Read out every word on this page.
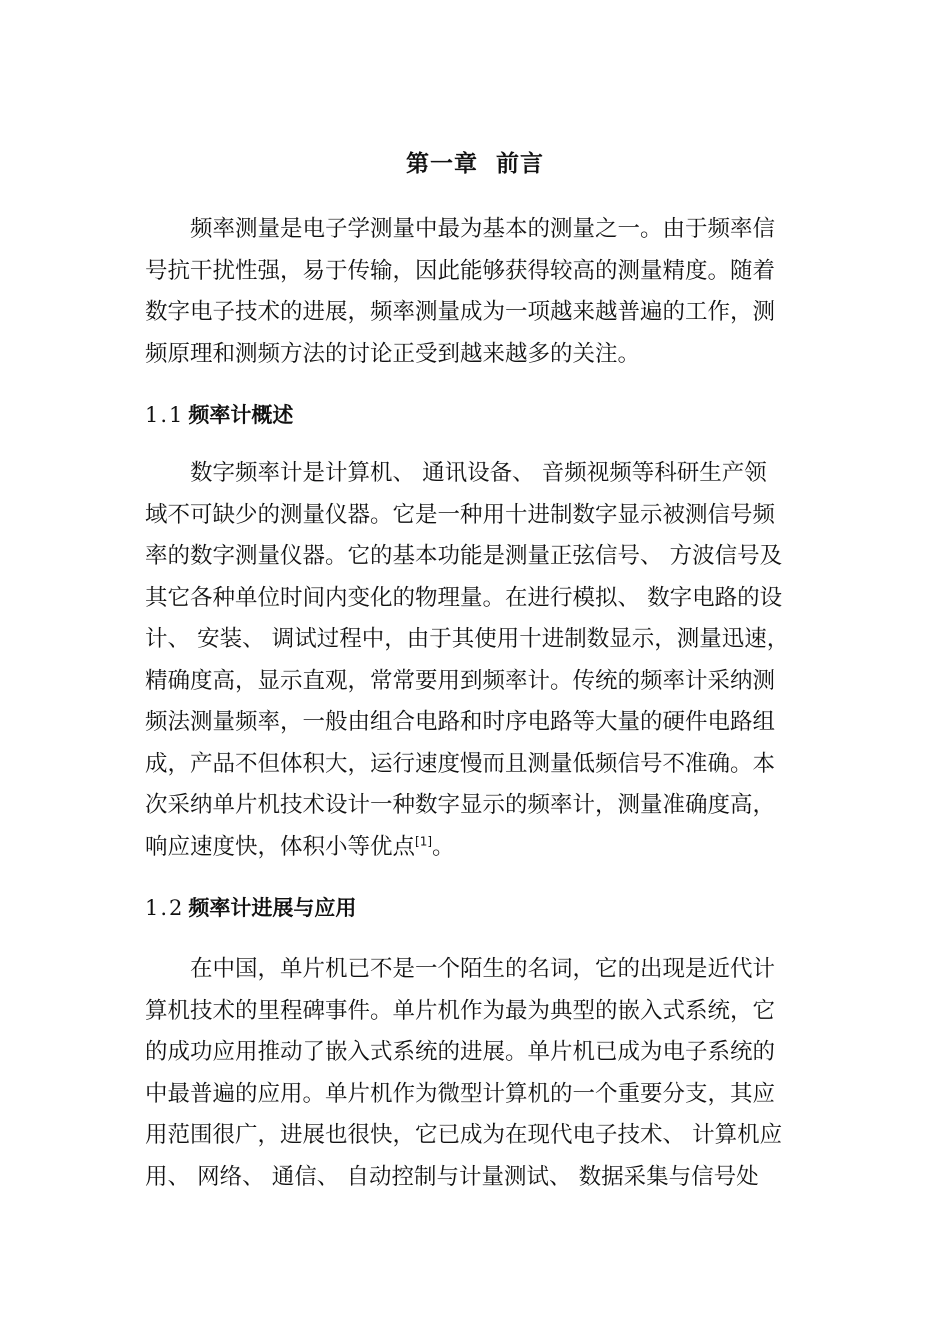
第一章  前言
频率测量是电子学测量中最为基本的测量之一。由于频率信
号抗干扰性强，易于传输，因此能够获得较高的测量精度。随着
数字电子技术的进展，频率测量成为一项越来越普遍的工作，测
频原理和测频方法的讨论正受到越来越多的关注。
1.1 频率计概述
数字频率计是计算机、 通讯设备、 音频视频等科研生产领
域不可缺少的测量仪器。它是一种用十进制数字显示被测信号频
率的数字测量仪器。它的基本功能是测量正弦信号、 方波信号及
其它各种单位时间内变化的物理量。在进行模拟、 数字电路的设
计、 安装、 调试过程中，由于其使用十进制数显示，测量迅速，
精确度高，显示直观，常常要用到频率计。传统的频率计采纳测
频法测量频率，一般由组合电路和时序电路等大量的硬件电路组
成，产品不但体积大，运行速度慢而且测量低频信号不准确。本
次采纳单片机技术设计一种数字显示的频率计，测量准确度高，
响应速度快，体积小等优点[1]。
1.2 频率计进展与应用
在中国，单片机已不是一个陌生的名词，它的出现是近代计
算机技术的里程碑事件。单片机作为最为典型的嵌入式系统，它
的成功应用推动了嵌入式系统的进展。单片机已成为电子系统的
中最普遍的应用。单片机作为微型计算机的一个重要分支，其应
用范围很广，进展也很快，它已成为在现代电子技术、 计算机应
用、 网络、 通信、 自动控制与计量测试、 数据采集与信号处
